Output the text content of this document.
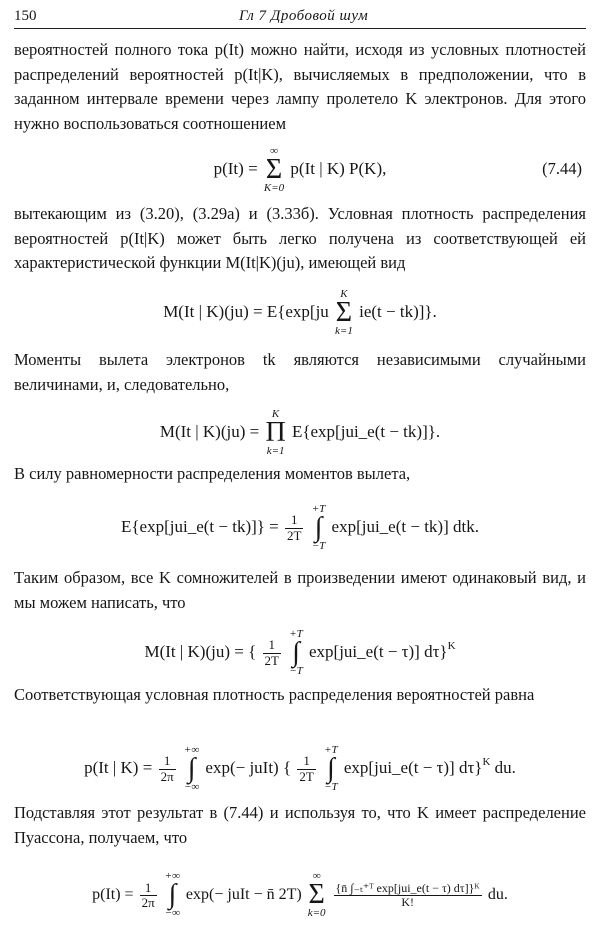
150	Гл 7 Дробовой шум
вероятностей полного тока p(It) можно найти, исходя из условных плотностей распределений вероятностей p(It|K), вычисляемых в предположении, что в заданном интервале времени через лампу пролетело K электронов. Для этого нужно воспользоваться соотношением
p(It) =
∞
Σ
K=0
p(It | K) P(K),	(7.44)
вытекающим из (3.20), (3.29а) и (3.33б). Условная плотность распределения вероятностей p(It|K) может быть легко получена из соответствующей ей характеристической функции M(It|K)(ju), имеющей вид
M(It | K)(ju) = E{exp[ju
K
Σ
k=1
ie(t − tk)]}.
Моменты вылета электронов tk являются независимыми случайными величинами, и, следовательно,
M(It | K)(ju) =
K
Π
k=1
E{exp[jui_e(t − tk)]}.
В силу равномерности распределения моментов вылета,
E{exp[jui_e(t − $tk)]\} = \frac{1}{2T}$

+T
∫
−T
exp[jui_e(t − tk)] dtk.
Таким образом, все K сомножителей в произведении имеют одинаковый вид, и мы можем написать, что
M(It | K)(ju) = { $\frac{1}{2T}$

+T
∫
−T
exp[jui_e(t − τ)] dτ}$^K$
Соответствующая условная плотность распределения вероятностей равна
p(It | $K) = \frac{1}{2\pi}$

+∞
∫
−∞
exp(− juIt) { $\frac{1}{2T}$

+T
∫
−T
exp[jui_e(t − τ)] dτ}$^K$ du.
Подставляя этот результат в (7.44) и используя то, что K имеет распределение Пуассона, получаем, что
$p(It) = \frac{1}{2\pi}$

+∞
∫
−∞
exp(− juIt − n̄ 2T)
∞
Σ
k=0

$\frac{\text{\{n̄ ∫₋ₜ⁺ᵀ exp[jui\_e(t − τ) dτ]\}ᴷ}}{K!}$ du.
